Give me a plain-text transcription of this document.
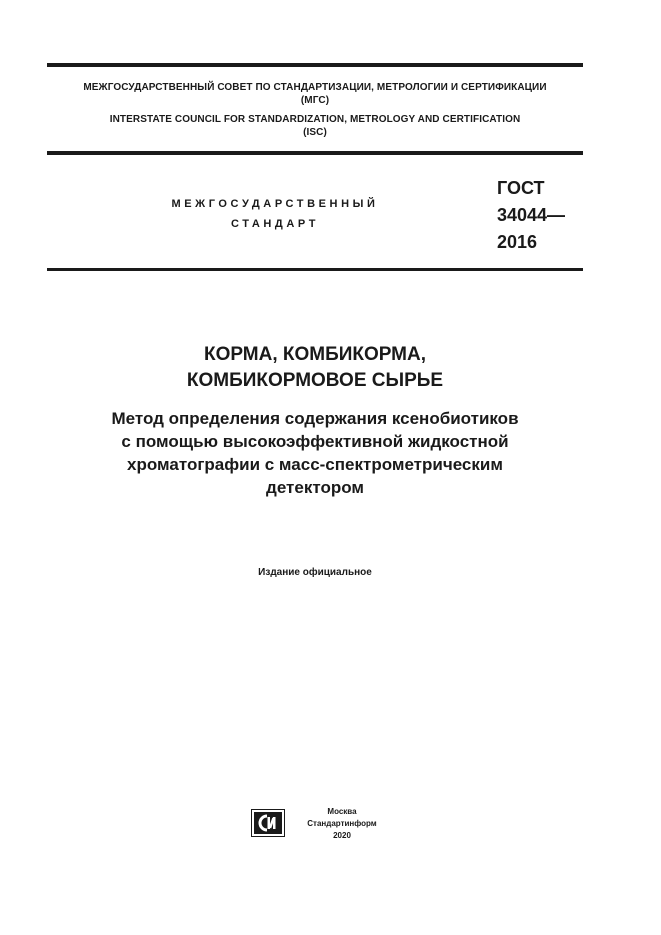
МЕЖГОСУДАРСТВЕННЫЙ СОВЕТ ПО СТАНДАРТИЗАЦИИ, МЕТРОЛОГИИ И СЕРТИФИКАЦИИ
(МГС)
INTERSTATE COUNCIL FOR STANDARDIZATION, METROLOGY AND CERTIFICATION
(ISC)
МЕЖГОСУДАРСТВЕННЫЙ
СТАНДАРТ
ГОСТ
34044—
2016
КОРМА, КОМБИКОРМА,
КОМБИКОРМОВОЕ СЫРЬЕ
Метод определения содержания ксенобиотиков
с помощью высокоэффективной жидкостной
хроматографии с масс-спектрометрическим
детектором
Издание официальное
Москва
Стандартинформ
2020
